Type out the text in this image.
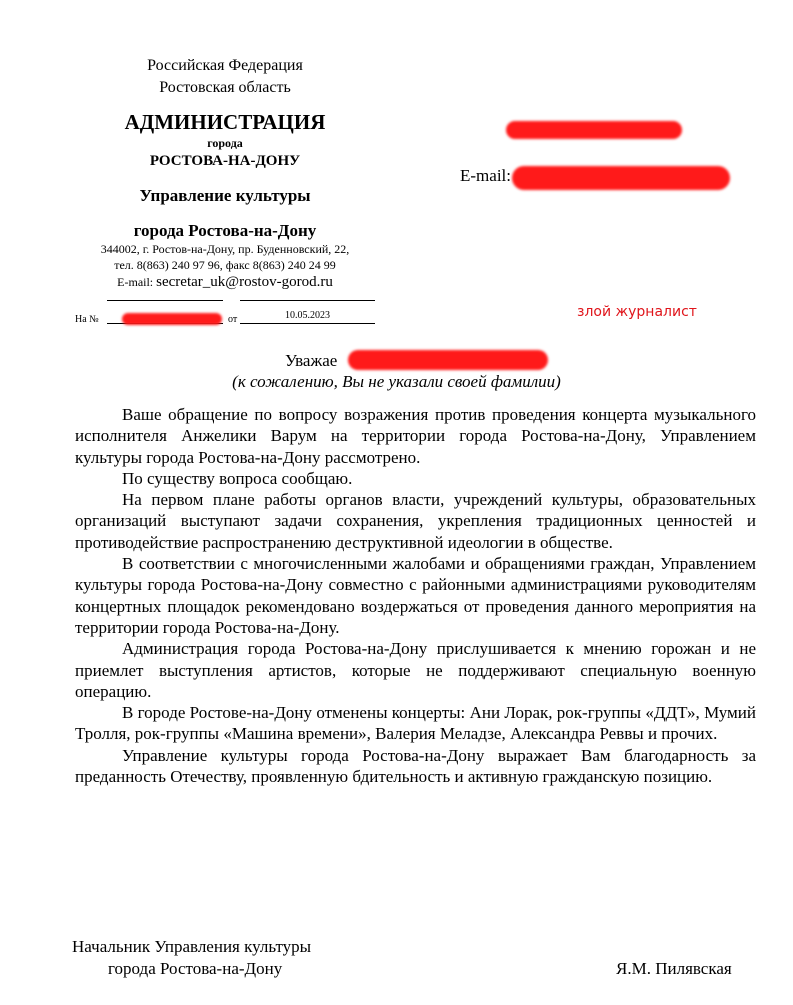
Российская Федерация
Ростовская область
АДМИНИСТРАЦИЯ
города
РОСТОВА-НА-ДОНУ
Управление культуры
города Ростова-на-Дону
344002, г. Ростов-на-Дону, пр. Буденновский, 22,
тел. 8(863) 240 97 96, факс 8(863) 240 24 99
E-mail: secretar_uk@rostov-gorod.ru
E-mail:
На №	от	10.05.2023	злой журналист
Уважае
(к сожалению, Вы не указали своей фамилии)

Ваше обращение по вопросу возражения против проведения концерта музыкального исполнителя Анжелики Варум на территории города Ростова-на-Дону, Управлением культуры города Ростова-на-Дону рассмотрено.

По существу вопроса сообщаю.

На первом плане работы органов власти, учреждений культуры, образовательных организаций выступают задачи сохранения, укрепления традиционных ценностей и противодействие распространению деструктивной идеологии в обществе.

В соответствии с многочисленными жалобами и обращениями граждан, Управлением культуры города Ростова-на-Дону совместно с районными администрациями руководителям концертных площадок рекомендовано воздержаться от проведения данного мероприятия на территории города Ростова-на-Дону.

Администрация города Ростова-на-Дону прислушивается к мнению горожан и не приемлет выступления артистов, которые не поддерживают специальную военную операцию.

В городе Ростове-на-Дону отменены концерты: Ани Лорак, рок-группы «ДДТ», Мумий Тролля, рок-группы «Машина времени», Валерия Меладзе, Александра Реввы и прочих.

Управление культуры города Ростова-на-Дону выражает Вам благодарность за преданность Отечеству, проявленную бдительность и активную гражданскую позицию.

Начальник Управления культуры
города Ростова-на-Дону	Я.М. Пилявская
